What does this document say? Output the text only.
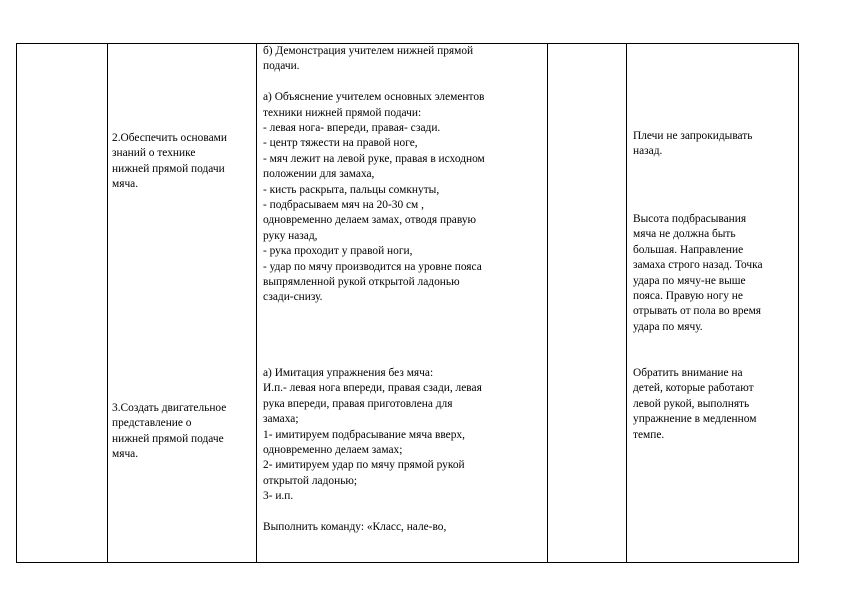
2.Обеспечить основами
знаний о технике
нижней прямой подачи
мяча.
3.Создать двигательное
представление о
нижней прямой подаче
мяча.
б) Демонстрация учителем нижней прямой
подачи.
а) Объяснение учителем основных элементов
техники нижней прямой подачи:
- левая нога- впереди, правая- сзади.
- центр тяжести на правой ноге,
- мяч лежит на левой руке, правая в исходном
положении для замаха,
- кисть раскрыта, пальцы сомкнуты,
- подбрасываем мяч на 20-30 см ,
одновременно делаем замах, отводя правую
руку назад,
- рука проходит у правой ноги,
- удар по мячу производится на уровне пояса
выпрямленной рукой открытой ладонью
сзади-снизу.
а) Имитация упражнения без мяча:
И.п.- левая нога впереди, правая сзади, левая
рука впереди, правая приготовлена для
замаха;
1- имитируем подбрасывание мяча вверх,
одновременно делаем замах;
2- имитируем удар по мячу прямой рукой
открытой ладонью;
3- и.п.
Выполнить команду: «Класс, нале-во,
Плечи не запрокидывать
назад.
Высота подбрасывания
мяча не должна быть
большая. Направление
замаха строго назад. Точка
удара по мячу-не выше
пояса. Правую ногу не
отрывать от пола во время
удара по мячу.
Обратить внимание на
детей, которые работают
левой рукой, выполнять
упражнение в медленном
темпе.
